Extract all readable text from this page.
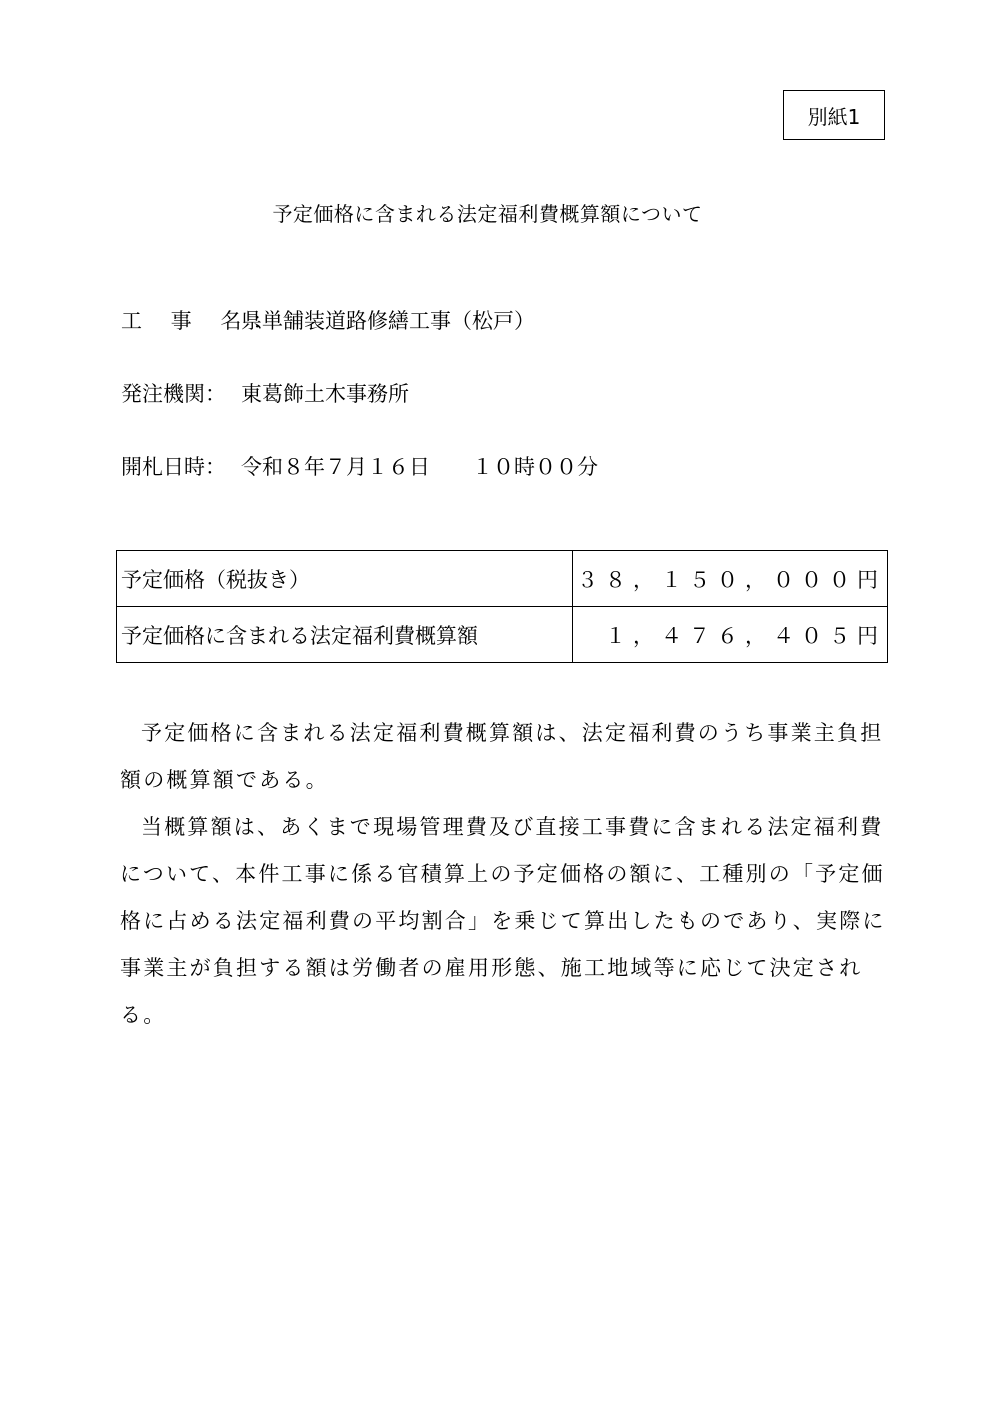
別紙1
予定価格に含まれる法定福利費概算額について
工 事 名：
県単舗装道路修繕工事（松戸）
発注機関： 東葛飾土木事務所
開札日時： 令和８年７月１６日　　１０時００分
予定価格（税抜き）	３８，１５０，０００円
予定価格に含まれる法定福利費概算額	１，４７６，４０５円

予定価格に含まれる法定福利費概算額は、法定福利費のうち事業主負担額の概算額である。

当概算額は、あくまで現場管理費及び直接工事費に含まれる法定福利費について、本件工事に係る官積算上の予定価格の額に、工種別の「予定価格に占める法定福利費の平均割合」を乗じて算出したものであり、実際に事業主が負担する額は労働者の雇用形態、施工地域等に応じて決定される。
